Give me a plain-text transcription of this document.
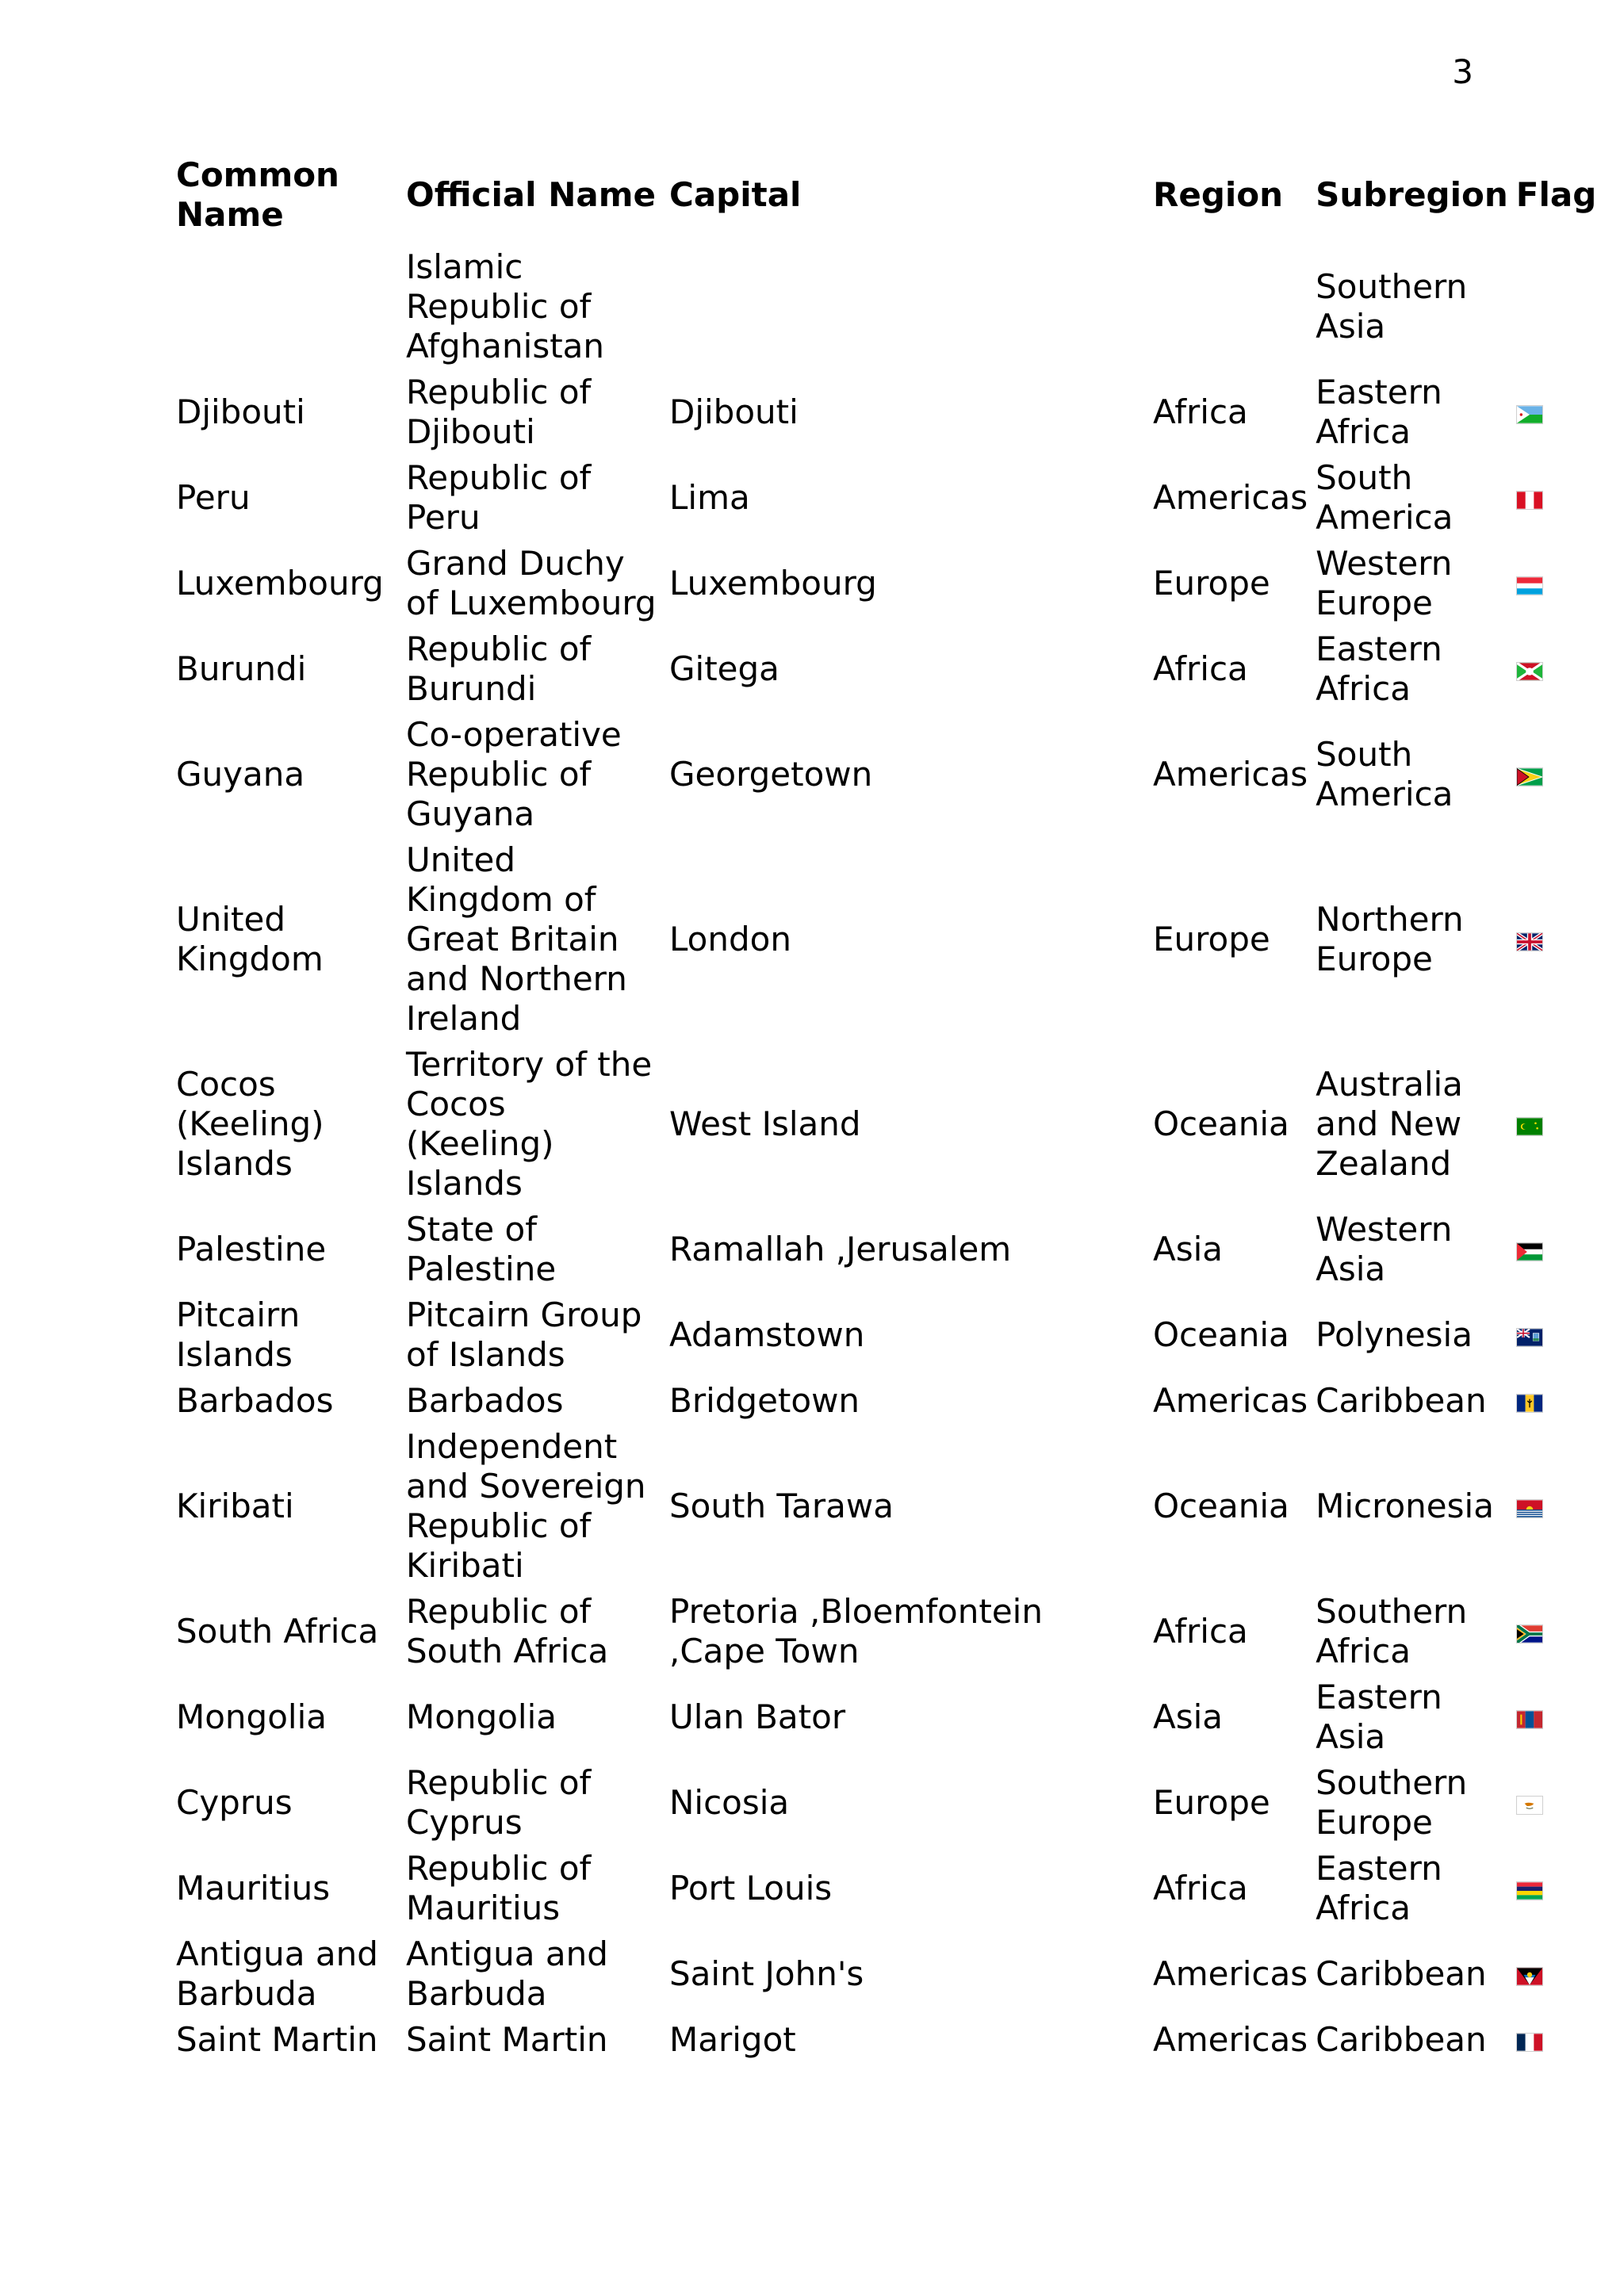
3
Common Name	Official Name	Capital	Region	Subregion	Flag
	Islamic Republic of Afghanistan			Southern Asia	
Djibouti	Republic of Djibouti	Djibouti	Africa	Eastern Africa	

Peru	Republic of Peru	Lima	Americas	South America	

Luxembourg	Grand Duchy of Luxembourg	Luxembourg	Europe	Western Europe	

Burundi	Republic of Burundi	Gitega	Africa	Eastern Africa	

Guyana	Co-operative Republic of Guyana	Georgetown	Americas	South America	

United Kingdom	United Kingdom of Great Britain and Northern Ireland	London	Europe	Northern Europe	

Cocos (Keeling) Islands	Territory of the Cocos (Keeling) Islands	West Island	Oceania	Australia and New Zealand	

Palestine	State of Palestine	Ramallah ,Jerusalem	Asia	Western Asia	

Pitcairn Islands	Pitcairn Group of Islands	Adamstown	Oceania	Polynesia	

Barbados	Barbados	Bridgetown	Americas	Caribbean	

Kiribati	Independent and Sovereign Republic of Kiribati	South Tarawa	Oceania	Micronesia	

South Africa	Republic of South Africa	Pretoria ,Bloemfontein ,Cape Town	Africa	Southern Africa	

Mongolia	Mongolia	Ulan Bator	Asia	Eastern Asia	

Cyprus	Republic of Cyprus	Nicosia	Europe	Southern Europe	

Mauritius	Republic of Mauritius	Port Louis	Africa	Eastern Africa	

Antigua and Barbuda	Antigua and Barbuda	Saint John's	Americas	Caribbean	

Saint Martin	Saint Martin	Marigot	Americas	Caribbean	
